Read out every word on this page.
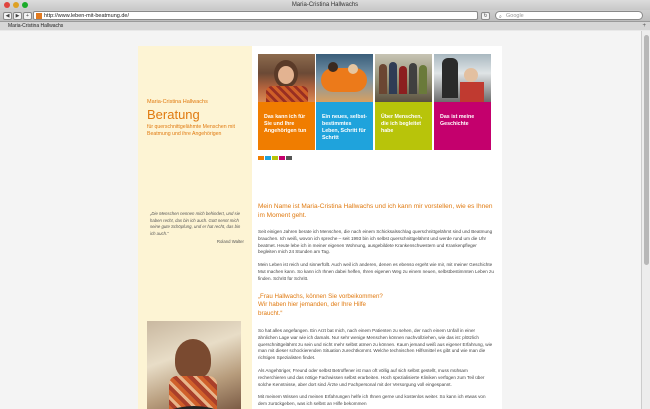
Maria-Cristina Hallwachs
◀	▶	+	http://www.leben-mit-beatmung.de/	↻	⌕ Google
Maria-Cristina Hallwachs	+
Maria-Cristina Hallwachs
Beratung
für querschnittgelähmte Menschen mit Beatmung und ihre Angehörigen
„Die Menschen nennen mich behindert, und sie haben recht, das bin ich auch. Gott nennt mich seine gute Schöpfung, und er hat recht, das bin ich auch.“
Roland Walter
Das kann ich für Sie und Ihre Angehörigen tun
Ein neues, selbst-bestimmtes Leben, Schritt für Schritt
Über Menschen, die ich begleitet habe
Das ist meine Geschichte
Mein Name ist Maria-Cristina Hallwachs und ich kann mir vorstellen, wie es Ihnen im Moment geht.

Seit einigen Jahren berate ich Menschen, die nach einem Schicksalsschlag querschnittgelähmt sind und Beatmung brauchen. Ich weiß, wovon ich spreche – seit 1993 bin ich selbst querschnittgelähmt und werde rund um die Uhr beatmet. Heute lebe ich in meiner eigenen Wohnung, ausgebildete Krankenschwestern und Krankenpfleger begleiten mich 24 Stunden am Tag.

Mein Leben ist reich und sinnerfüllt. Auch weil ich anderen, denen es ebenso ergeht wie mir, mit meiner Geschichte Mut machen kann. So kann ich Ihnen dabei helfen, Ihren eigenen Weg zu einem neuen, selbstbestimmten Leben zu finden. Schritt für Schritt.

„Frau Hallwachs, können Sie vorbeikommen? Wir haben hier jemanden, der Ihre Hilfe braucht.“

So hat alles angefangen. Ein Arzt bat mich, nach einem Patienten zu sehen, der nach einem Unfall in einer ähnlichen Lage war wie ich damals. Nur sehr wenige Menschen können nachvollziehen, wie das ist: plötzlich querschnittgelähmt zu sein und nicht mehr selbst atmen zu können. Kaum jemand weiß aus eigener Erfahrung, wie man mit dieser schockierenden Situation zurechtkommt. Welche technischen Hilfsmittel es gibt und wie man die richtigen Spezialisten findet.

Als Angehöriger, Freund oder selbst Betroffener ist man oft völlig auf sich selbst gestellt, muss mühsam recherchieren und das nötige Fachwissen selbst erarbeiten. Hoch spezialisierte Kliniken verfügen zum Teil über solche Kenntnisse, aber dort sind Ärzte und Fachpersonal mit der Versorgung voll eingespannt.

Mit meinem Wissen und meinen Erfahrungen helfe ich Ihnen gerne und kostenlos weiter. So kann ich etwas von dem zurückgeben, was ich selbst an Hilfe bekommen
